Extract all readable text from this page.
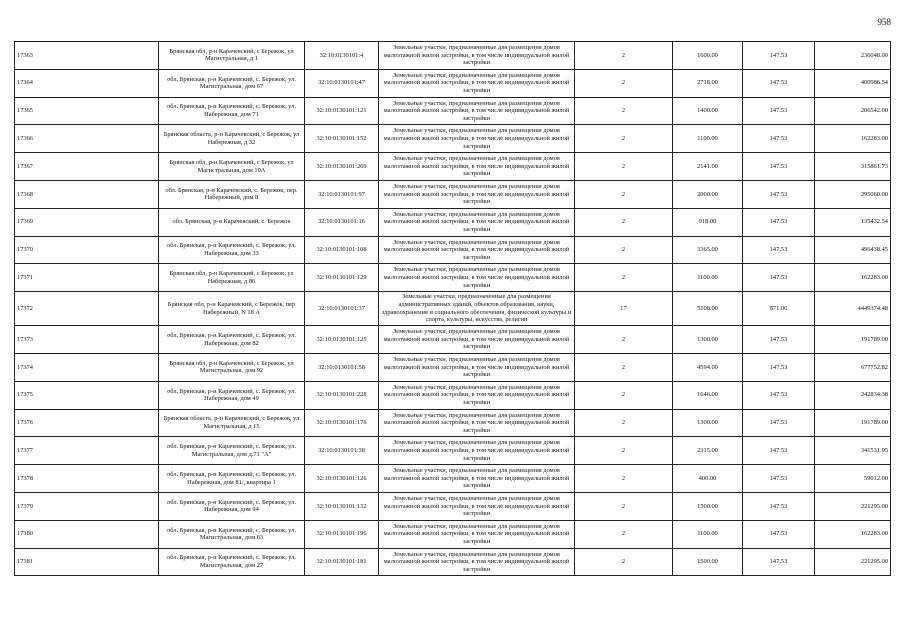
958
17363	Брянская обл, р-н Карачевский, с Бережок, ул Магистральная, д 1	32:10:0130101:4	Земельные участки, предназначенные для размещения домов малоэтажной жилой застройки, в том числе индивидуальной жилой застройки	2	1600.00	147.53	236048.00
17364	обл. Брянская, р-н Карачевский, с. Бережок, ул. Магистральная, дом 67	32:10:0130101:47	Земельные участки, предназначенные для размещения домов малоэтажной жилой застройки, в том числе индивидуальной жилой застройки	2	2718.00	147.53	400986.54
17365	обл. Брянская, р-н Карачевский, с. Бережок, ул. Набережная, дом 71	32:10:0130101:121	Земельные участки, предназначенные для размещения домов малоэтажной жилой застройки, в том числе индивидуальной жилой застройки	2	1400.00	147.53	206542.00
17366	Брянская область, р-н Карачевский, с Бережок, ул Набережная, д 32	32:10:0130101:152	Земельные участки, предназначенные для размещения домов малоэтажной жилой застройки, в том числе индивидуальной жилой застройки	2	1100.00	147.53	162283.00
17367	Брянская обл, р-н Карачевский, с Бережок, ул Магистральная, дом 10А	32:10:0130101:269	Земельные участки, предназначенные для размещения домов малоэтажной жилой застройки, в том числе индивидуальной жилой застройки	2	2141.00	147.53	315861.73
17368	обл. Брянская, р-н Карачевский, с. Бережок, пер. Набережный, дом 8	32:10:0130101:97	Земельные участки, предназначенные для размещения домов малоэтажной жилой застройки, в том числе индивидуальной жилой застройки	2	2000.00	147.53	295060.00
17369	обл. Брянская, р-н Карачевский, с. Бережок	32:10:0130101:16	Земельные участки, предназначенные для размещения домов малоэтажной жилой застройки, в том числе индивидуальной жилой застройки	2	918.00	147.53	135432.54
17370	обл. Брянская, р-н Карачевский, с. Бережок, ул. Набережная, дом 33	32:10:0130101:108	Земельные участки, предназначенные для размещения домов малоэтажной жилой застройки, в том числе индивидуальной жилой застройки	2	3365.00	147.53	496438.45
17371	Брянская обл, р-н Карачевский, с Бережок, ул Набережная, д 86	32:10:0130101:129	Земельные участки, предназначенные для размещения домов малоэтажной жилой застройки, в том числе индивидуальной жилой застройки	2	1100.00	147.53	162283.00
17372	Брянская обл, р-н Карачевский, с Бережок, пер Набережный, N 18 А	32:10:0130101:37	Земельные участки, предназначенные для размещения административных зданий, объектов образования, науки, здравоохранения и социального обеспечения, физической культуры и спорта, культуры, искусства, религии	17	5108.00	871.06	4449374.48
17373	обл. Брянская, р-н Карачевский, с. Бережок, ул. Набережная, дом 82	32:10:0130101:125	Земельные участки, предназначенные для размещения домов малоэтажной жилой застройки, в том числе индивидуальной жилой застройки	2	1300.00	147.53	191789.00
17374	Брянская обл, р-н Карачевский, с Бережок, ул Магистральная, дом 92	32:10:0130101:58	Земельные участки, предназначенные для размещения домов малоэтажной жилой застройки, в том числе индивидуальной жилой застройки	2	4594.00	147.53	677752.82
17375	обл. Брянская, р-н Карачевский, с. Бережок, ул. Набережная, дом 49	32:10:0130101:228	Земельные участки, предназначенные для размещения домов малоэтажной жилой застройки, в том числе индивидуальной жилой застройки	2	1646.00	147.53	242834.38
17376	Брянская область, р-н Карачевский, с Бережок, ул Магистральная, д 15	32:10:0130101:176	Земельные участки, предназначенные для размещения домов малоэтажной жилой застройки, в том числе индивидуальной жилой застройки	2	1300.00	147.53	191789.00
17377	обл. Брянская, р-н Карачевский, с. Бережок, ул. Магистральная, дом д.71 "А"	32:10:0130101:38	Земельные участки, предназначенные для размещения домов малоэтажной жилой застройки, в том числе индивидуальной жилой застройки	2	2315.00	147.53	341531.95
17378	обл. Брянская, р-н Карачевский, с. Бережок, ул. Набережная, дом 81/, квартира 1	32:10:0130101:126	Земельные участки, предназначенные для размещения домов малоэтажной жилой застройки, в том числе индивидуальной жилой застройки	2	400.00	147.53	59012.00
17379	обл. Брянская, р-н Карачевский, с. Бережок, ул. Набережная, дом 94	32:10:0130101:132	Земельные участки, предназначенные для размещения домов малоэтажной жилой застройки, в том числе индивидуальной жилой застройки	2	1500.00	147.53	221295.00
17380	обл. Брянская, р-н Карачевский, с. Бережок, ул. Магистральная, дом 63	32:10:0130101:196	Земельные участки, предназначенные для размещения домов малоэтажной жилой застройки, в том числе индивидуальной жилой застройки	2	1100.00	147.53	162283.00
17381	обл. Брянская, р-н Карачевский, с. Бережок, ул. Магистральная, дом 27	32:10:0130101:181	Земельные участки, предназначенные для размещения домов малоэтажной жилой застройки, в том числе индивидуальной жилой застройки	2	1500.00	147.53	221295.00
